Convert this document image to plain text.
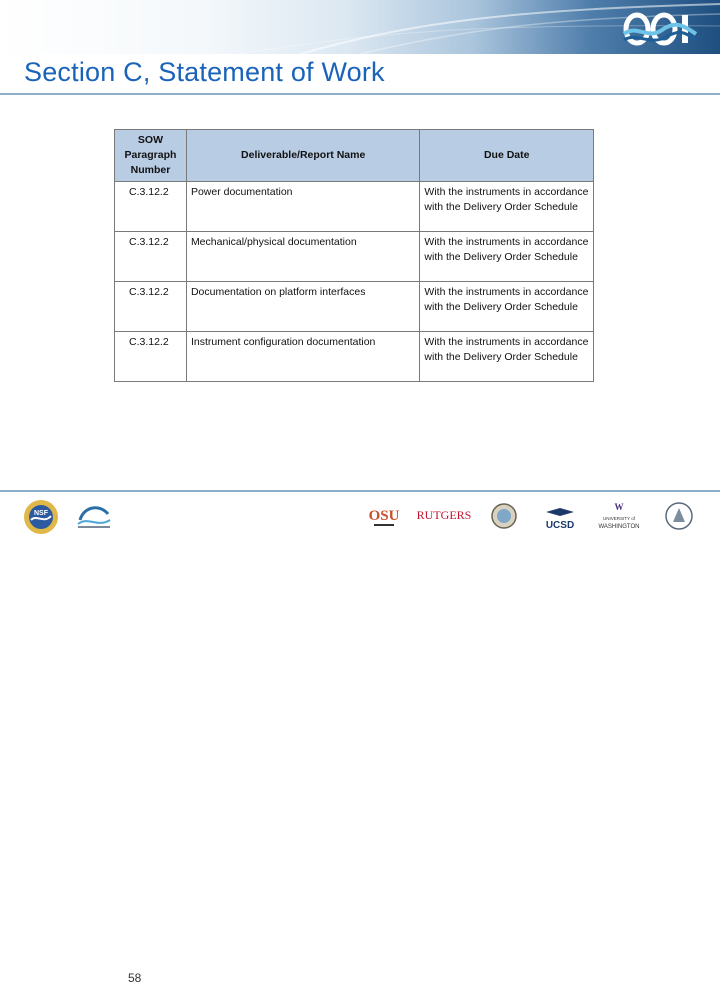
Section C, Statement of Work
SOW
Paragraph
Number	Deliverable/Report Name	Due Date
C.3.12.2	Power documentation	With the instruments in accordance with the Delivery Order Schedule
C.3.12.2	Mechanical/physical documentation	With the instruments in accordance with the Delivery Order Schedule
C.3.12.2	Documentation on platform interfaces	With the instruments in accordance with the Delivery Order Schedule
C.3.12.2	Instrument configuration documentation	With the instruments in accordance with the Delivery Order Schedule
NSF
58
OSU RUTGERS
UCSD
W
UNIVERSITY of
WASHINGTON
